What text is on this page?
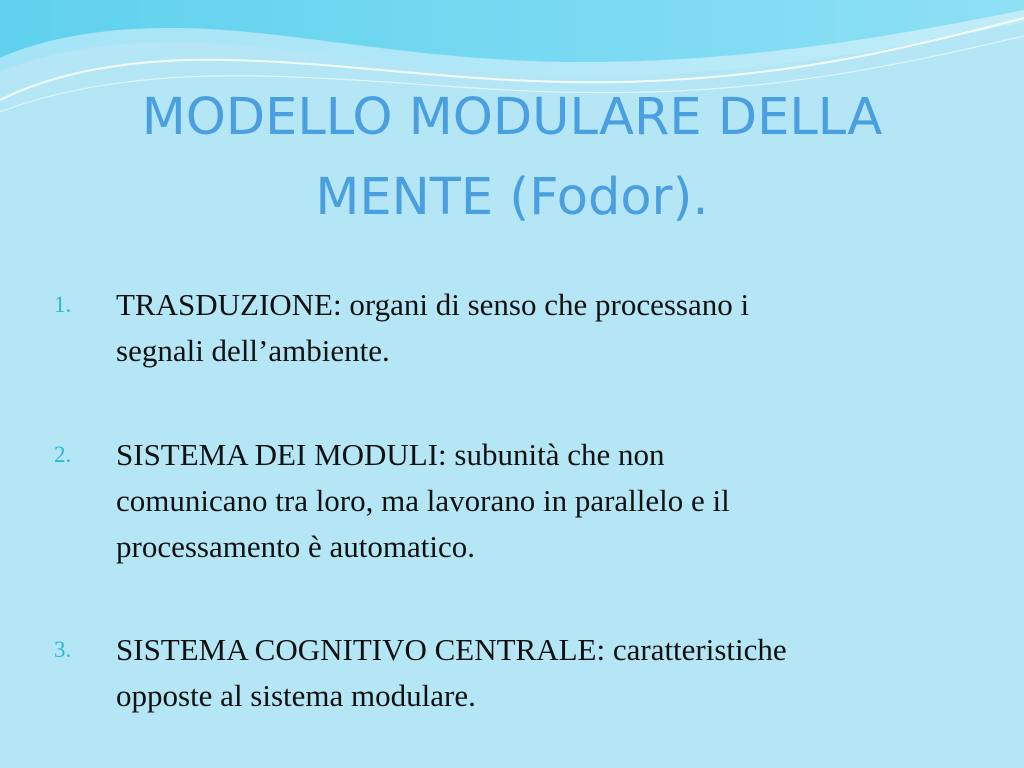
MODELLO MODULARE DELLA
MENTE (Fodor).
1.	TRASDUZIONE: organi di senso che processano i
segnali dell’ambiente.
2.	SISTEMA DEI MODULI: subunità che non
comunicano tra loro, ma lavorano in parallelo e il
processamento è automatico.
3.	SISTEMA COGNITIVO CENTRALE: caratteristiche
opposte al sistema modulare.
